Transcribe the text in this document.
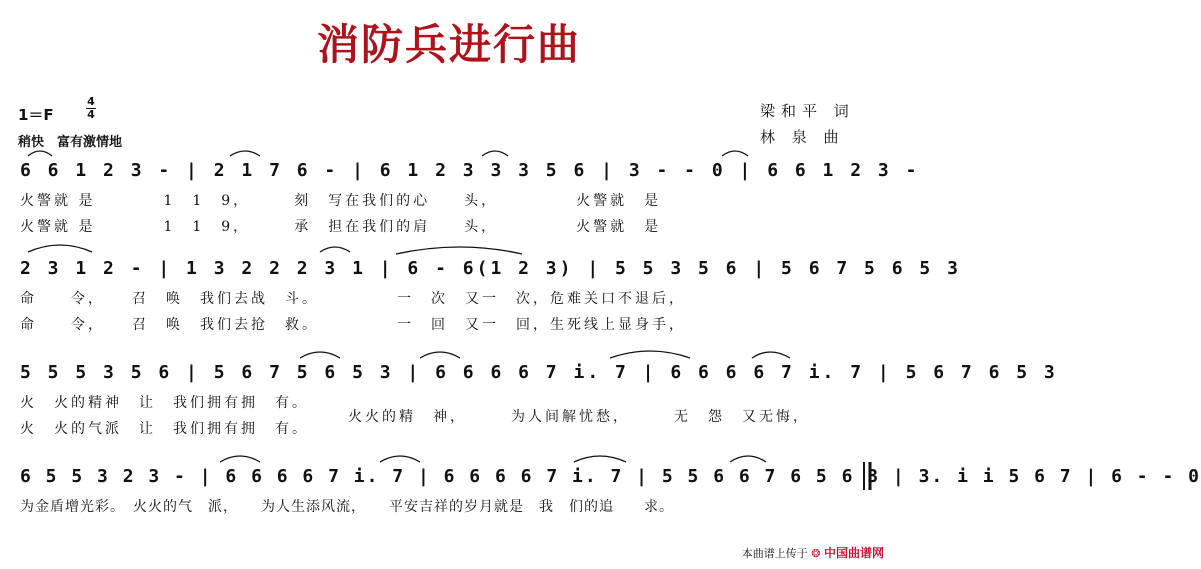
消防兵进行曲
1＝F
4
4
稍快　富有激情地
梁和平 词
林 泉 曲
6 6 1 2 3 - | 2 1 7 6 - | 6 1 2 3 3 3 5 6 | 3 - - 0 | 6 6 1 2 3 -
火警就 是　　　　1　1　9，　　　刻　写在我们的心　　头，　　　　　火警就　是
火警就 是　　　　1　1　9，　　　承　担在我们的肩　　头，　　　　　火警就　是
2 3 1 2 - | 1 3 2 2 2 3 1 | 6 - 6(1 2 3) | 5 5 3 5 6 | 5 6 7 5 6 5 3
命　　令，　　召　唤　我们去战　斗。　　　　　一　次　又一　次，危难关口不退后，
命　　令，　　召　唤　我们去抢　救。　　　　　一　回　又一　回，生死线上显身手，
5 5 5 3 5 6 | 5 6 7 5 6 5 3 | 6 6 6 6 7 i. 7 | 6 6 6 6 7 i. 7 | 5 6 7 6 5 3
火　火的精神　让　我们拥有拥　有。
火　火的气派　让　我们拥有拥　有。
火火的精　神，　　　为人间解忧愁，　　　无　怨　又无悔，
6 5 5 3 2 3 - | 6 6 6 6 7 i. 7 | 6 6 6 6 7 i. 7 | 5 5 6 6 7 6 5 6 3 | 3. i i 5 6 7 | 6 - - 0
为金盾增光彩。　火火的气　派，　　为人生添风流，　　平安吉祥的岁月就是　我　们的追　　求。
本曲谱上传于 ❂ 中国曲谱网
